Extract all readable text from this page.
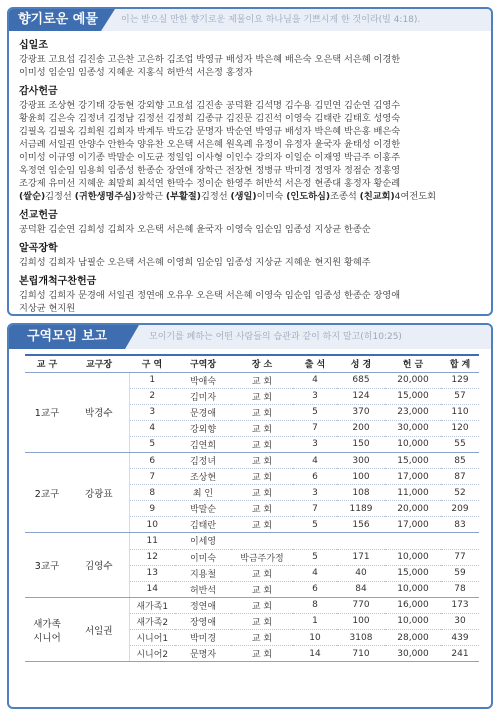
향기로운 예물	이는 받으실 만한 향기로운 제물이요 하나님을 기쁘시게 한 것이라(빌 4:18).
십일조

강광표 고요섭 김진송 고은찬 고은하 김조업 박영규 배성자 박은혜 배은숙 오은택 서은혜 이경한
이미성 임순임 임종성 지혜운 지홍식 허반석 서은정 홍정자

감사헌금

강광표 조상현 강기태 강동현 강외향 고요섭 김진송 공덕환 김석명 김수용 김민연 김순연 김영수
황윤희 김은숙 김정녀 김정남 김정선 김정희 김종규 김진문 김진석 이영숙 김태란 김태호 성영숙
김필옥 김필옥 김희원 김희자 박계두 박도감 문명자 박순연 박영규 배성자 박은혜 박은홍 배은숙
서금례 서일권 안양수 안한숙 양유찬 오은택 서은혜 원옥례 유정이 유정자 윤국자 윤태성 이경한
이미성 이규영 이기종 박말순 이도균 정일임 이사형 이인수 강의자 이일순 이재영 박금주 이홍주
옥정연 임순임 임용희 임종성 한종순 장연애 장학근 전장현 정병규 박미경 정영자 정점순 정홍영
조강제 유미선 지혜운 최말희 최석연 한막수 정이순 한영주 허반석 서은정 현종대 홍정자 황순례
(쌀순)김정선 (귀한생명주심)장학근 (부활절)김정선 (생일)이미숙 (인도하심)조종석 (친교회)4여전도회

선교헌금

공덕환 김순연 김희성 김희자 오은택 서은혜 윤국자 이영숙 임순임 임종성 지상균 한종순

알곡장학

김희성 김희자 남필순 오은택 서은혜 이영희 임순임 임종성 지상균 지혜운 현지원 황혜주

본립개척구찬헌금

김희성 김희자 문경애 서일권 정연애 오유우 오은택 서은혜 이영숙 임순임 임종성 한종순 장영애
지상균 현지원

구역모임 보고	모이기를 폐하는 어떤 사람들의 습관과 같이 하지 말고(히10:25)
교 구	교구장	구 역	구역장	장 소	출 석	성 경	헌 금	합 계
1교구	박경수	1	박애숙	교 회	4	685	20,000	129
		2	김미자	교 회	3	124	15,000	57
		3	문경애	교 회	5	370	23,000	110
		4	강외향	교 회	7	200	30,000	120
		5	김연희	교 회	3	150	10,000	55
2교구	강광표	6	김정녀	교 회	4	300	15,000	85
		7	조상현	교 회	6	100	17,000	87
		8	최 인	교 회	3	108	11,000	52
		9	박말순	교 회	7	1189	20,000	209
		10	김태란	교 회	5	156	17,000	83
3교구	김영수	11	이세영					
		12	이미숙	박금주가정	5	171	10,000	77
		13	지용철	교 회	4	40	15,000	59
		14	허반석	교 회	6	84	10,000	78
새가족
시니어	서일권	새가족1	정연애	교 회	8	770	16,000	173
		새가족2	장영애	교 회	1	100	10,000	30
		시니어1	박미경	교 회	10	3108	28,000	439
		시니어2	문명자	교 회	14	710	30,000	241
